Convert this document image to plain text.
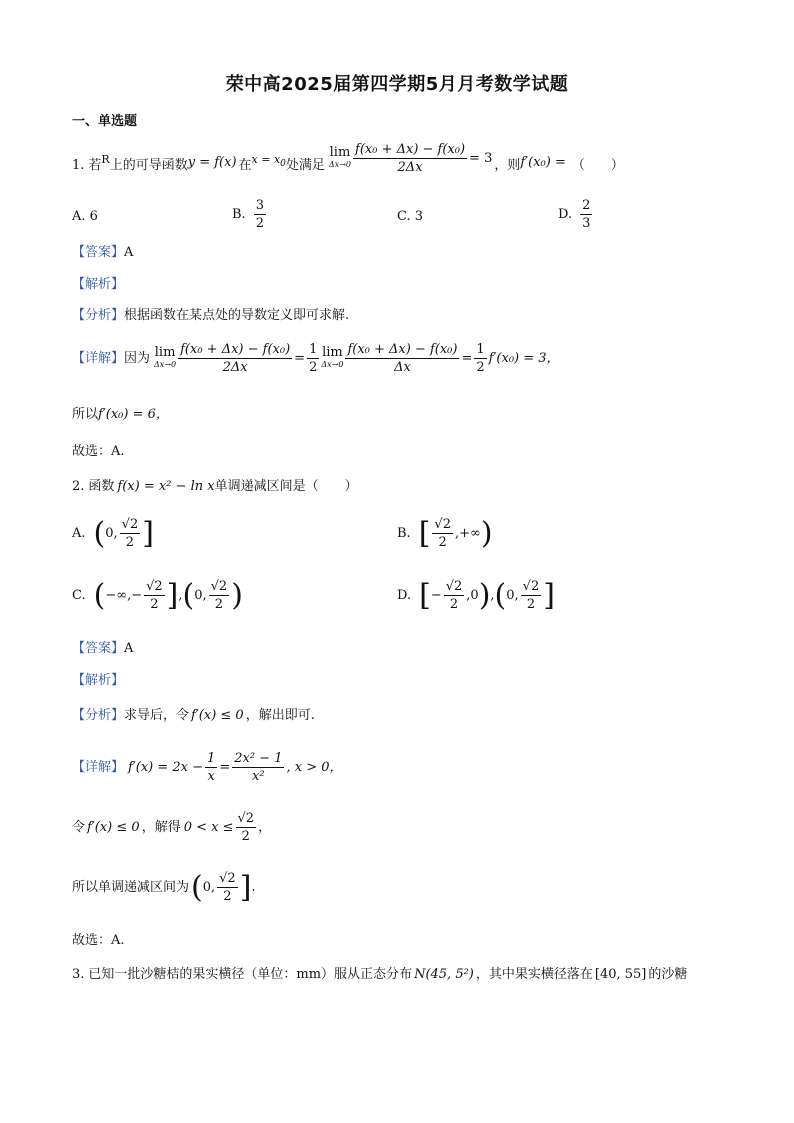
荣中高2025届第四学期5月月考数学试题
一、单选题
1. 若 R 上的可导函数 y = f(x) 在 $x = x_0$ 处满足
lim
$\Delta x\to 0 \frac{\text{f(x₀ + Δx) − f(x₀)}}{2\Delta x} = 3$ ，则 f′(x₀) = （　　）
A. 6	B. $\frac{3}{2}$	C. 3	D. $\frac{2}{3}$
【答案】A
【解析】
【分析】根据函数在某点处的导数定义即可求解.
【详解】 因为 lim
$\Delta x\to 0 \frac{\text{f(x₀ + Δx) − f(x₀)}}{2\Delta x} = \frac{1}{2}$ lim
$\Delta x\to 0 \frac{\text{f(x₀ + Δx) − f(x₀)}}{\Delta x} = \frac{1}{2} f'(x_0) = 3$，
所以f′(x₀) = 6，
故选：A.
2. 函数 f(x) = x² − ln x 单调递减区间是（　　）
A. ( 0, $\frac{√2}{2}$ ]	B. [ $\frac{√2}{2}$ ,+∞ )
C. ( −∞,− $\frac{√2}{2}$ ] , ( 0, $\frac{√2}{2}$ )	D. [ − $\frac{√2}{2} ,0$ ) , ( 0, $\frac{√2}{2}$ ]
【答案】A
【解析】
【分析】求导后，令 f′(x) ≤ 0 ，解出即可.
【详解】 $f'(x) = 2x - \frac{1}{x} = \frac{\text{2x² − 1}}{\text{x²}}$ , x > 0，
令 f′(x) ≤ 0 ，解得 $0 < x \le \frac{√2}{2}$ ，
所以单调递减区间为 ( 0, $\frac{√2}{2}$ ] .
故选：A.
3. 已知一批沙糖桔的果实横径（单位：mm）服从正态分布 N(45, 5²) ，其中果实横径落在 [40, 55] 的沙糖
